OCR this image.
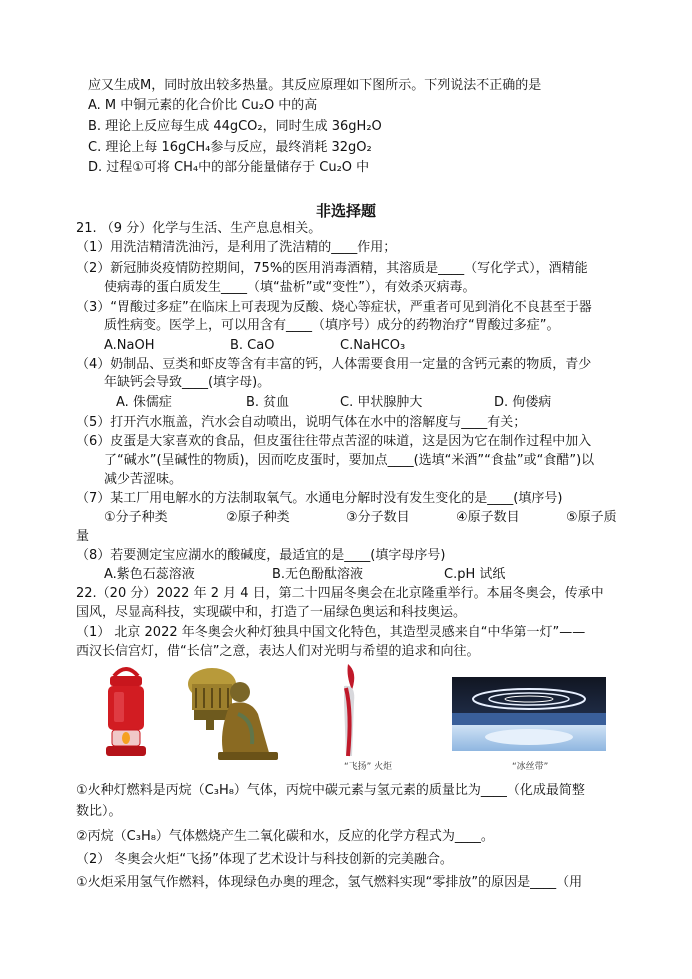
应又生成M，同时放出较多热量。其反应原理如下图所示。下列说法不正确的是
A. M 中铜元素的化合价比 Cu₂O 中的高
B. 理论上反应每生成 44gCO₂，同时生成 36gH₂O
C. 理论上每 16gCH₄参与反应，最终消耗 32gO₂
D. 过程①可将 CH₄中的部分能量储存于 Cu₂O 中
非选择题
21. （9 分）化学与生活、生产息息相关。
（1）用洗洁精清洗油污，是利用了洗洁精的____作用；
（2）新冠肺炎疫情防控期间，75%的医用消毒酒精，其溶质是____（写化学式），酒精能
使病毒的蛋白质发生____（填“盐析”或“变性”），有效杀灭病毒。
（3）“胃酸过多症”在临床上可表现为反酸、烧心等症状，严重者可见到消化不良甚至于器
质性病变。医学上，可以用含有____（填序号）成分的药物治疗“胃酸过多症”。
A.NaOH	B. CaO	C.NaHCO₃
（4）奶制品、豆类和虾皮等含有丰富的钙，人体需要食用一定量的含钙元素的物质，青少
年缺钙会导致____(填字母)。
A. 侏儒症	B. 贫血	C. 甲状腺肿大	D. 佝偻病
（5）打开汽水瓶盖，汽水会自动喷出，说明气体在水中的溶解度与____有关；
（6）皮蛋是大家喜欢的食品，但皮蛋往往带点苦涩的味道，这是因为它在制作过程中加入
了“碱水”(呈碱性的物质)，因而吃皮蛋时，要加点____(选填“米酒”“食盐”或“食醋”)以
减少苦涩味。
（7）某工厂用电解水的方法制取氧气。水通电分解时没有发生变化的是____(填序号)
①分子种类	②原子种类	③分子数目	④原子数目	⑤原子质
量
（8）若要测定宝应湖水的酸碱度，最适宜的是____(填字母序号)
A.紫色石蕊溶液	B.无色酚酞溶液	C.pH 试纸
22.（20 分）2022 年 2 月 4 日，第二十四届冬奥会在北京隆重举行。本届冬奥会，传承中
国风，尽显高科技，实现碳中和，打造了一届绿色奥运和科技奥运。
（1） 北京 2022 年冬奥会火种灯独具中国文化特色，其造型灵感来自“中华第一灯”——
西汉长信宫灯，借“长信”之意，表达人们对光明与希望的追求和向往。
“飞扬” 火炬	“冰丝带”
①火种灯燃料是丙烷（C₃H₈）气体，丙烷中碳元素与氢元素的质量比为____（化成最简整
数比）。
②丙烷（C₃H₈）气体燃烧产生二氧化碳和水，反应的化学方程式为____。
（2） 冬奥会火炬“飞扬”体现了艺术设计与科技创新的完美融合。
①火炬采用氢气作燃料，体现绿色办奥的理念，氢气燃料实现“零排放”的原因是____（用
